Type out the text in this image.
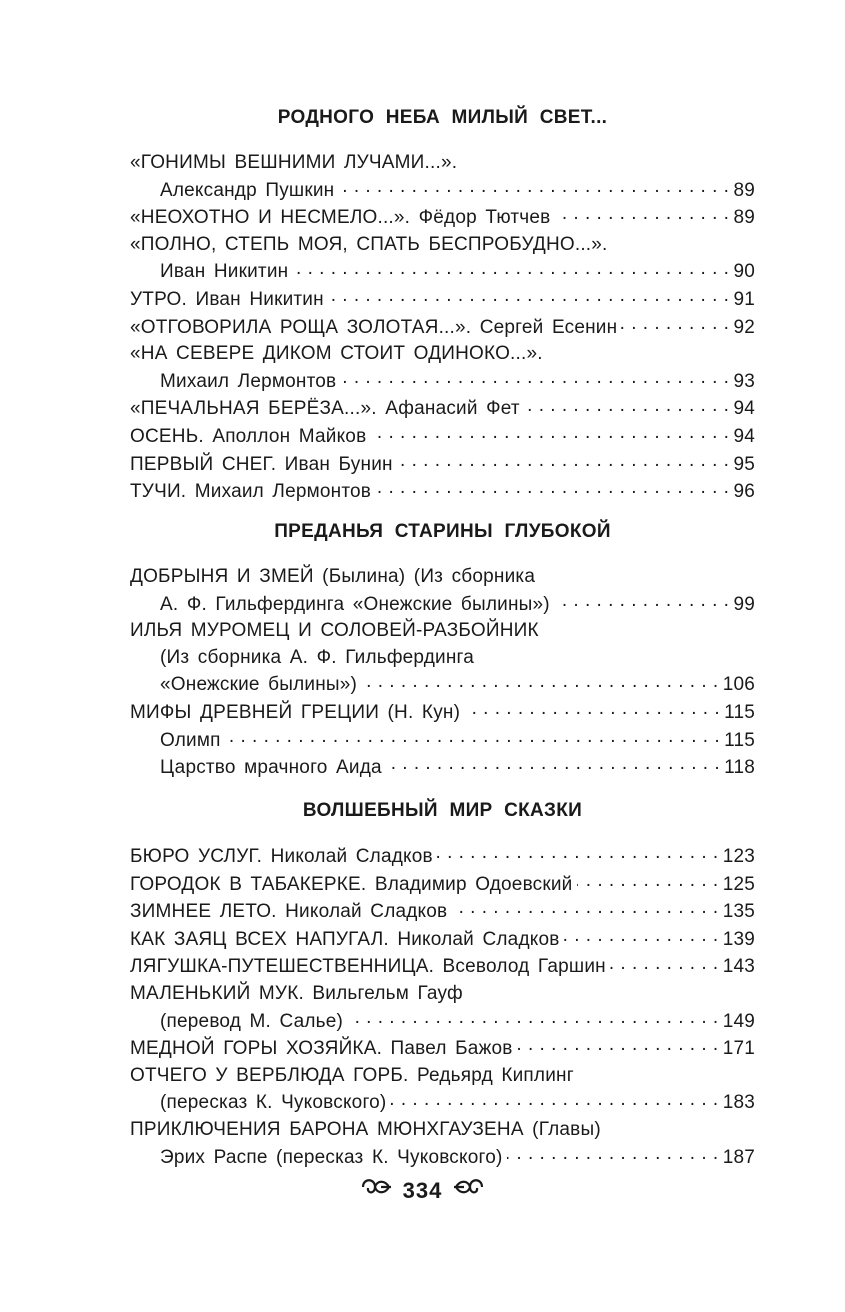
РОДНОГО НЕБА МИЛЫЙ СВЕТ...
«ГОНИМЫ ВЕШНИМИ ЛУЧАМИ...».
Александр Пушкин . . .	89
«НЕОХОТНО И НЕСМЕЛО...». Фёдор Тютчев . . .	89
«ПОЛНО, СТЕПЬ МОЯ, СПАТЬ БЕСПРОБУДНО...».
Иван Никитин . . .	90
УТРО. Иван Никитин . . .	91
«ОТГОВОРИЛА РОЩА ЗОЛОТАЯ...». Сергей Есенин . . .	92
«НА СЕВЕРЕ ДИКОМ СТОИТ ОДИНОКО...».
Михаил Лермонтов . . .	93
«ПЕЧАЛЬНАЯ БЕРЁЗА...». Афанасий Фет . . .	94
ОСЕНЬ. Аполлон Майков . . .	94
ПЕРВЫЙ СНЕГ. Иван Бунин . . .	95
ТУЧИ. Михаил Лермонтов . . .	96
ПРЕДАНЬЯ СТАРИНЫ ГЛУБОКОЙ
ДОБРЫНЯ И ЗМЕЙ (Былина) (Из сборника
А. Ф. Гильфердинга «Онежские былины») . . .	99
ИЛЬЯ МУРОМЕЦ И СОЛОВЕЙ-РАЗБОЙНИК
(Из сборника А. Ф. Гильфердинга
«Онежские былины») . . .	106
МИФЫ ДРЕВНЕЙ ГРЕЦИИ (Н. Кун) . . .	115
Олимп . . .	115
Царство мрачного Аида . . .	118
ВОЛШЕБНЫЙ МИР СКАЗКИ
БЮРО УСЛУГ. Николай Сладков . . .	123
ГОРОДОК В ТАБАКЕРКЕ. Владимир Одоевский . . .	125
ЗИМНЕЕ ЛЕТО. Николай Сладков . . .	135
КАК ЗАЯЦ ВСЕХ НАПУГАЛ. Николай Сладков . . .	139
ЛЯГУШКА-ПУТЕШЕСТВЕННИЦА. Всеволод Гаршин . . .	143
МАЛЕНЬКИЙ МУК. Вильгельм Гауф
(перевод М. Салье) . . .	149
МЕДНОЙ ГОРЫ ХОЗЯЙКА. Павел Бажов . . .	171
ОТЧЕГО У ВЕРБЛЮДА ГОРБ. Редьярд Киплинг
(пересказ К. Чуковского) . . .	183
ПРИКЛЮЧЕНИЯ БАРОНА МЮНХГАУЗЕНА (Главы)
Эрих Распе (пересказ К. Чуковского) . . .	187
334
